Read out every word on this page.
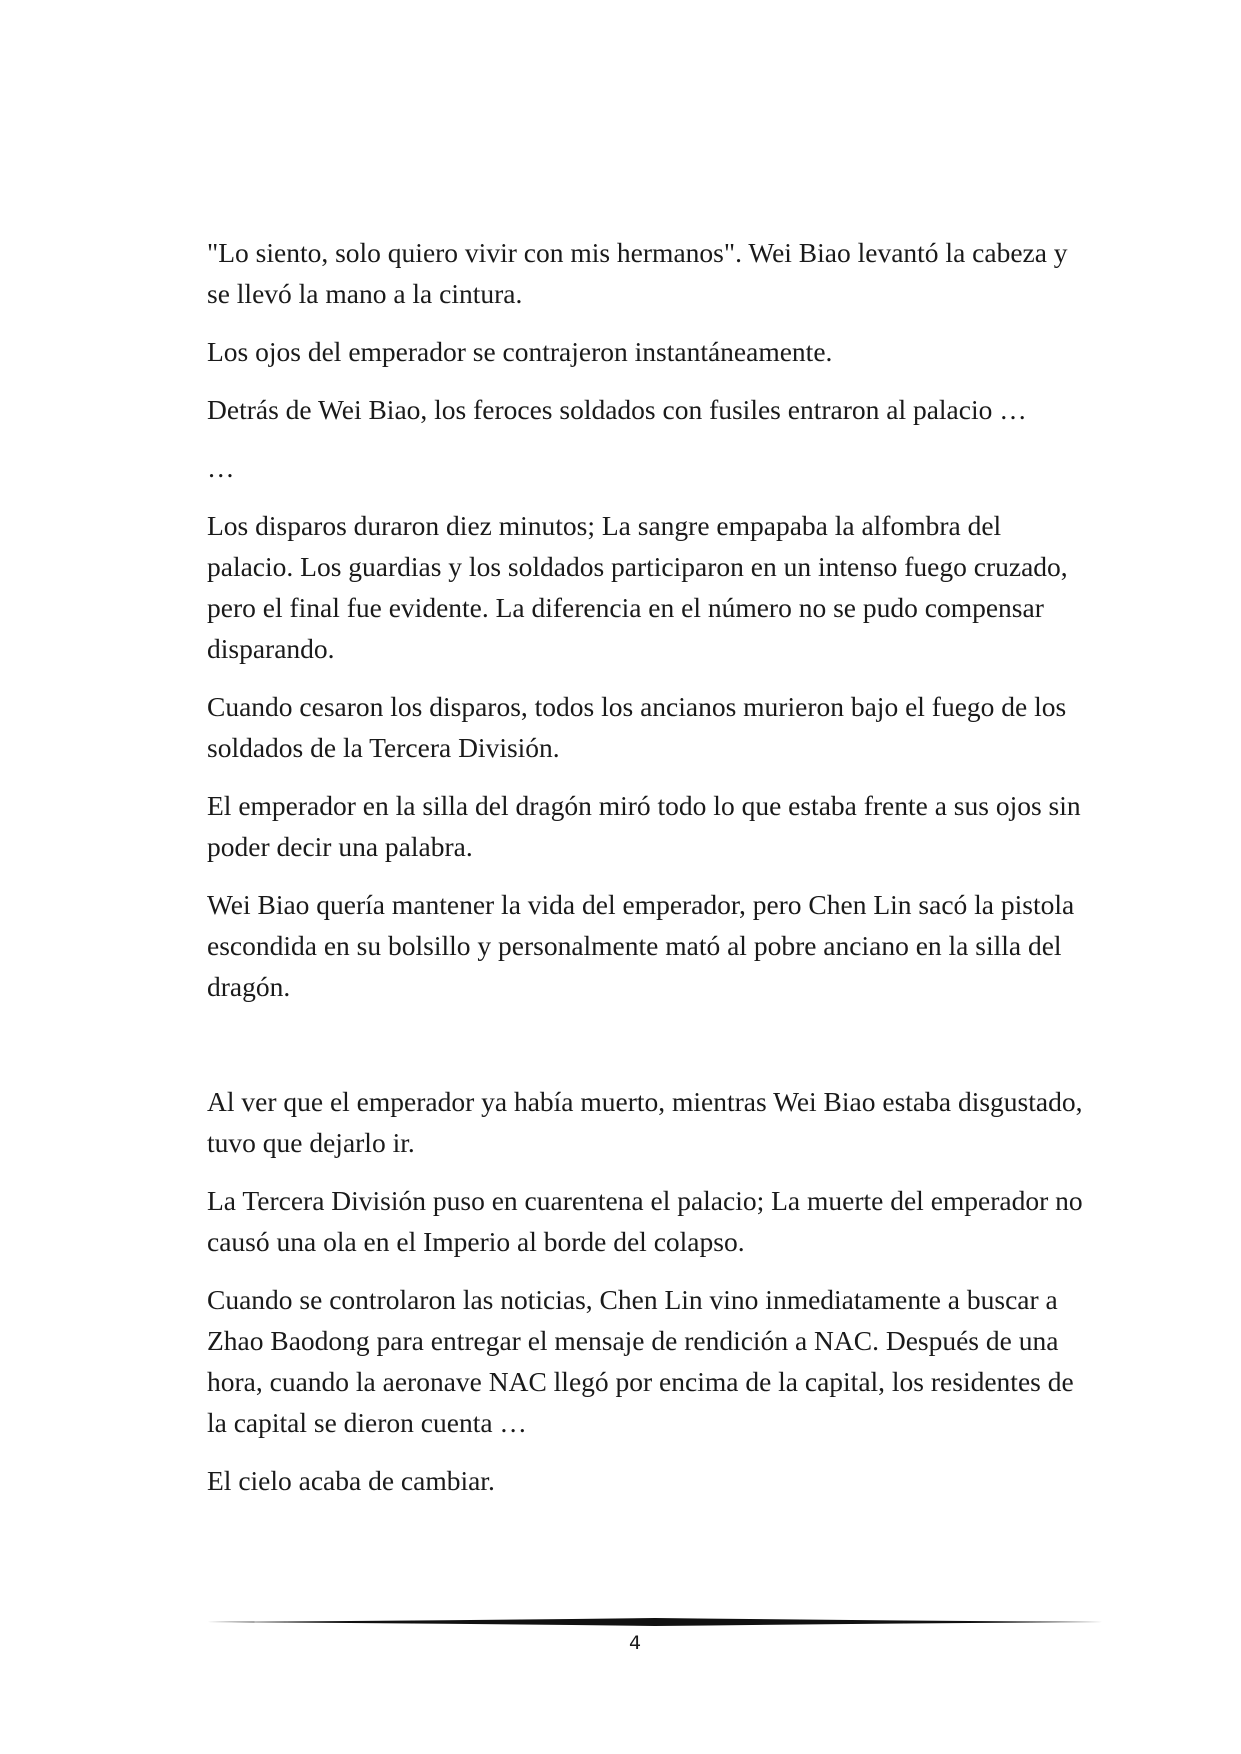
"Lo siento, solo quiero vivir con mis hermanos". Wei Biao levantó la cabeza y se llevó la mano a la cintura.

Los ojos del emperador se contrajeron instantáneamente.

Detrás de Wei Biao, los feroces soldados con fusiles entraron al palacio …

…

Los disparos duraron diez minutos; La sangre empapaba la alfombra del palacio. Los guardias y los soldados participaron en un intenso fuego cruzado, pero el final fue evidente. La diferencia en el número no se pudo compensar disparando.

Cuando cesaron los disparos, todos los ancianos murieron bajo el fuego de los soldados de la Tercera División.

El emperador en la silla del dragón miró todo lo que estaba frente a sus ojos sin poder decir una palabra.

Wei Biao quería mantener la vida del emperador, pero Chen Lin sacó la pistola escondida en su bolsillo y personalmente mató al pobre anciano en la silla del dragón.

Al ver que el emperador ya había muerto, mientras Wei Biao estaba disgustado, tuvo que dejarlo ir.

La Tercera División puso en cuarentena el palacio; La muerte del emperador no causó una ola en el Imperio al borde del colapso.

Cuando se controlaron las noticias, Chen Lin vino inmediatamente a buscar a Zhao Baodong para entregar el mensaje de rendición a NAC. Después de una hora, cuando la aeronave NAC llegó por encima de la capital, los residentes de la capital se dieron cuenta …

El cielo acaba de cambiar.

4
